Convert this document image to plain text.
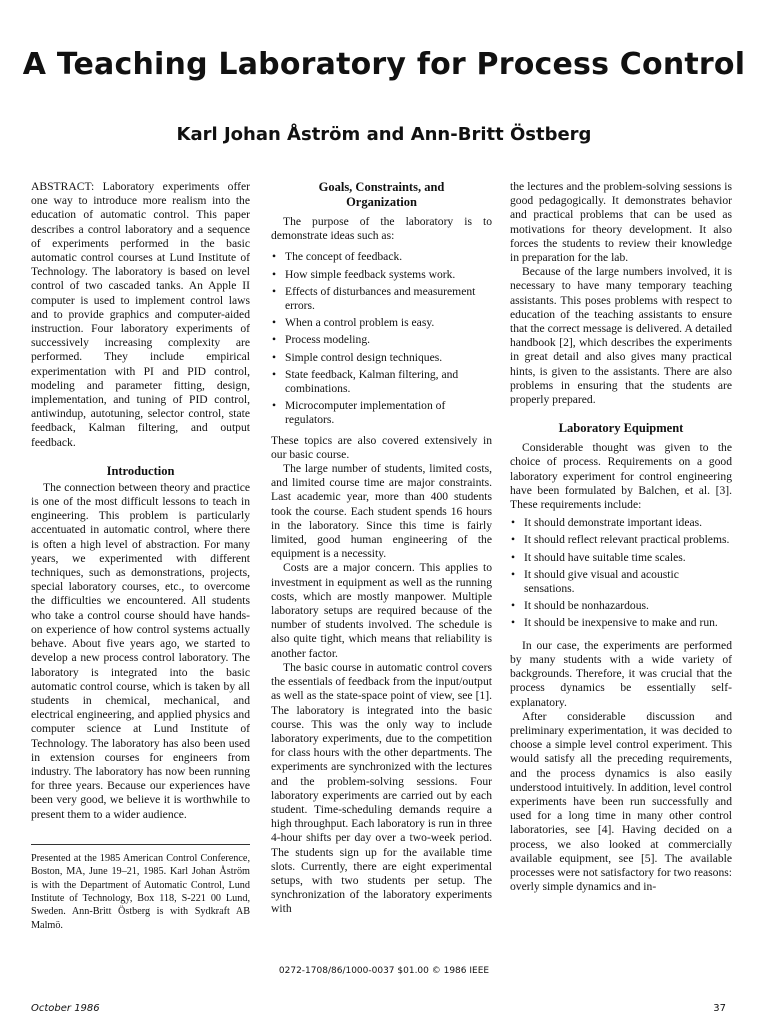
A Teaching Laboratory for Process Control
Karl Johan Åström and Ann-Britt Östberg

ABSTRACT: Laboratory experiments offer one way to introduce more realism into the education of automatic control. This paper describes a control laboratory and a sequence of experiments performed in the basic automatic control courses at Lund Institute of Technology. The laboratory is based on level control of two cascaded tanks. An Apple II computer is used to implement control laws and to provide graphics and computer-aided instruction. Four laboratory experiments of successively increasing complexity are performed. They include empirical experimentation with PI and PID control, modeling and parameter fitting, design, implementation, and tuning of PID control, antiwindup, autotuning, selector control, state feedback, Kalman filtering, and output feedback.

Introduction

The connection between theory and practice is one of the most difficult lessons to teach in engineering. This problem is particularly accentuated in automatic control, where there is often a high level of abstraction. For many years, we experimented with different techniques, such as demonstrations, projects, special laboratory courses, etc., to overcome the difficulties we encountered. All students who take a control course should have hands-on experience of how control systems actually behave. About five years ago, we started to develop a new process control laboratory. The laboratory is integrated into the basic automatic control course, which is taken by all students in chemical, mechanical, and electrical engineering, and applied physics and computer science at Lund Institute of Technology. The laboratory has also been used in extension courses for engineers from industry. The laboratory has now been running for three years. Because our experiences have been very good, we believe it is worthwhile to present them to a wider audience.

Presented at the 1985 American Control Conference, Boston, MA, June 19–21, 1985. Karl Johan Åström is with the Department of Automatic Control, Lund Institute of Technology, Box 118, S-221 00 Lund, Sweden. Ann-Britt Östberg is with Sydkraft AB Malmö.

Goals, Constraints, and Organization

The purpose of the laboratory is to demonstrate ideas such as:

• The concept of feedback.
• How simple feedback systems work.
• Effects of disturbances and measurement errors.
• When a control problem is easy.
• Process modeling.
• Simple control design techniques.
• State feedback, Kalman filtering, and combinations.
• Microcomputer implementation of regulators.

These topics are also covered extensively in our basic course.

The large number of students, limited costs, and limited course time are major constraints. Last academic year, more than 400 students took the course. Each student spends 16 hours in the laboratory. Since this time is fairly limited, good human engineering of the equipment is a necessity.

Costs are a major concern. This applies to investment in equipment as well as the running costs, which are mostly manpower. Multiple laboratory setups are required because of the number of students involved. The schedule is also quite tight, which means that reliability is another factor.

The basic course in automatic control covers the essentials of feedback from the input/output as well as the state-space point of view, see [1]. The laboratory is integrated into the basic course. This was the only way to include laboratory experiments, due to the competition for class hours with the other departments. The experiments are synchronized with the lectures and the problem-solving sessions. Four laboratory experiments are carried out by each student. Time-scheduling demands require a high throughput. Each laboratory is run in three 4-hour shifts per day over a two-week period. The students sign up for the available time slots. Currently, there are eight experimental setups, with two students per setup. The synchronization of the laboratory experiments with

the lectures and the problem-solving sessions is good pedagogically. It demonstrates behavior and practical problems that can be used as motivations for theory development. It also forces the students to review their knowledge in preparation for the lab.

Because of the large numbers involved, it is necessary to have many temporary teaching assistants. This poses problems with respect to education of the teaching assistants to ensure that the correct message is delivered. A detailed handbook [2], which describes the experiments in great detail and also gives many practical hints, is given to the assistants. There are also problems in ensuring that the students are properly prepared.

Laboratory Equipment

Considerable thought was given to the choice of process. Requirements on a good laboratory experiment for control engineering have been formulated by Balchen, et al. [3]. These requirements include:

• It should demonstrate important ideas.
• It should reflect relevant practical problems.
• It should have suitable time scales.
• It should give visual and acoustic sensations.
• It should be nonhazardous.
• It should be inexpensive to make and run.

In our case, the experiments are performed by many students with a wide variety of backgrounds. Therefore, it was crucial that the process dynamics be essentially self-explanatory.

After considerable discussion and preliminary experimentation, it was decided to choose a simple level control experiment. This would satisfy all the preceding requirements, and the process dynamics is also easily understood intuitively. In addition, level control experiments have been run successfully and used for a long time in many other control laboratories, see [4]. Having decided on a process, we also looked at commercially available equipment, see [5]. The available processes were not satisfactory for two reasons: overly simple dynamics and in-

0272-1708/86/1000-0037 $01.00 © 1986 IEEE
October 1986	37
